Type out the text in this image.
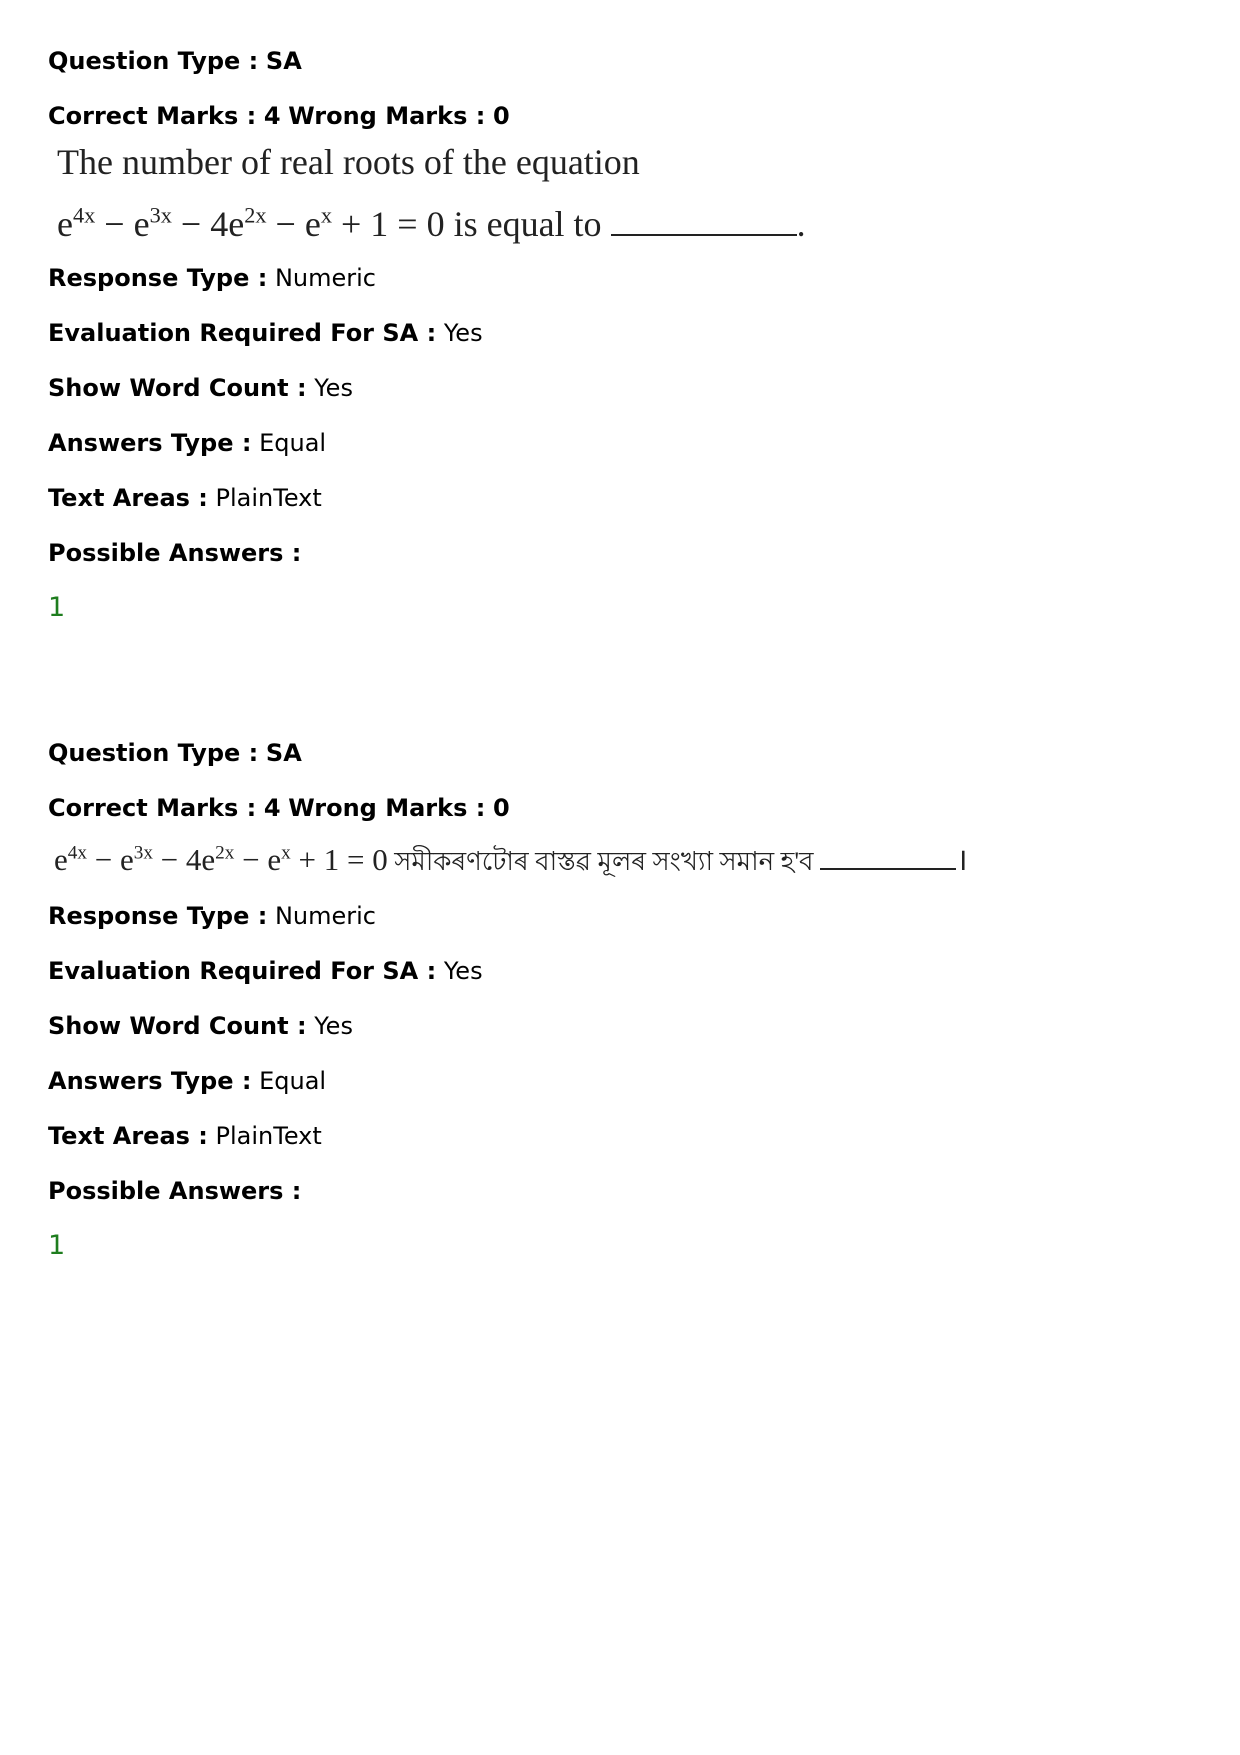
Question Type : SA
Correct Marks : 4 Wrong Marks : 0
The number of real roots of the equation
$e^{4x} - e^{3x} - 4e^{2x} - e^x + 1 = 0$ is equal to	.
Response Type : Numeric
Evaluation Required For SA : Yes
Show Word Count : Yes
Answers Type : Equal
Text Areas : PlainText
Possible Answers :
1
Question Type : SA
Correct Marks : 4 Wrong Marks : 0
$e^{4x} - e^{3x} - 4e^{2x} - e^x + 1 = 0$ সমীকৰণটোৰ বাস্তৱ মূলৰ সংখ্যা সমান হ'ব	।
Response Type : Numeric
Evaluation Required For SA : Yes
Show Word Count : Yes
Answers Type : Equal
Text Areas : PlainText
Possible Answers :
1
